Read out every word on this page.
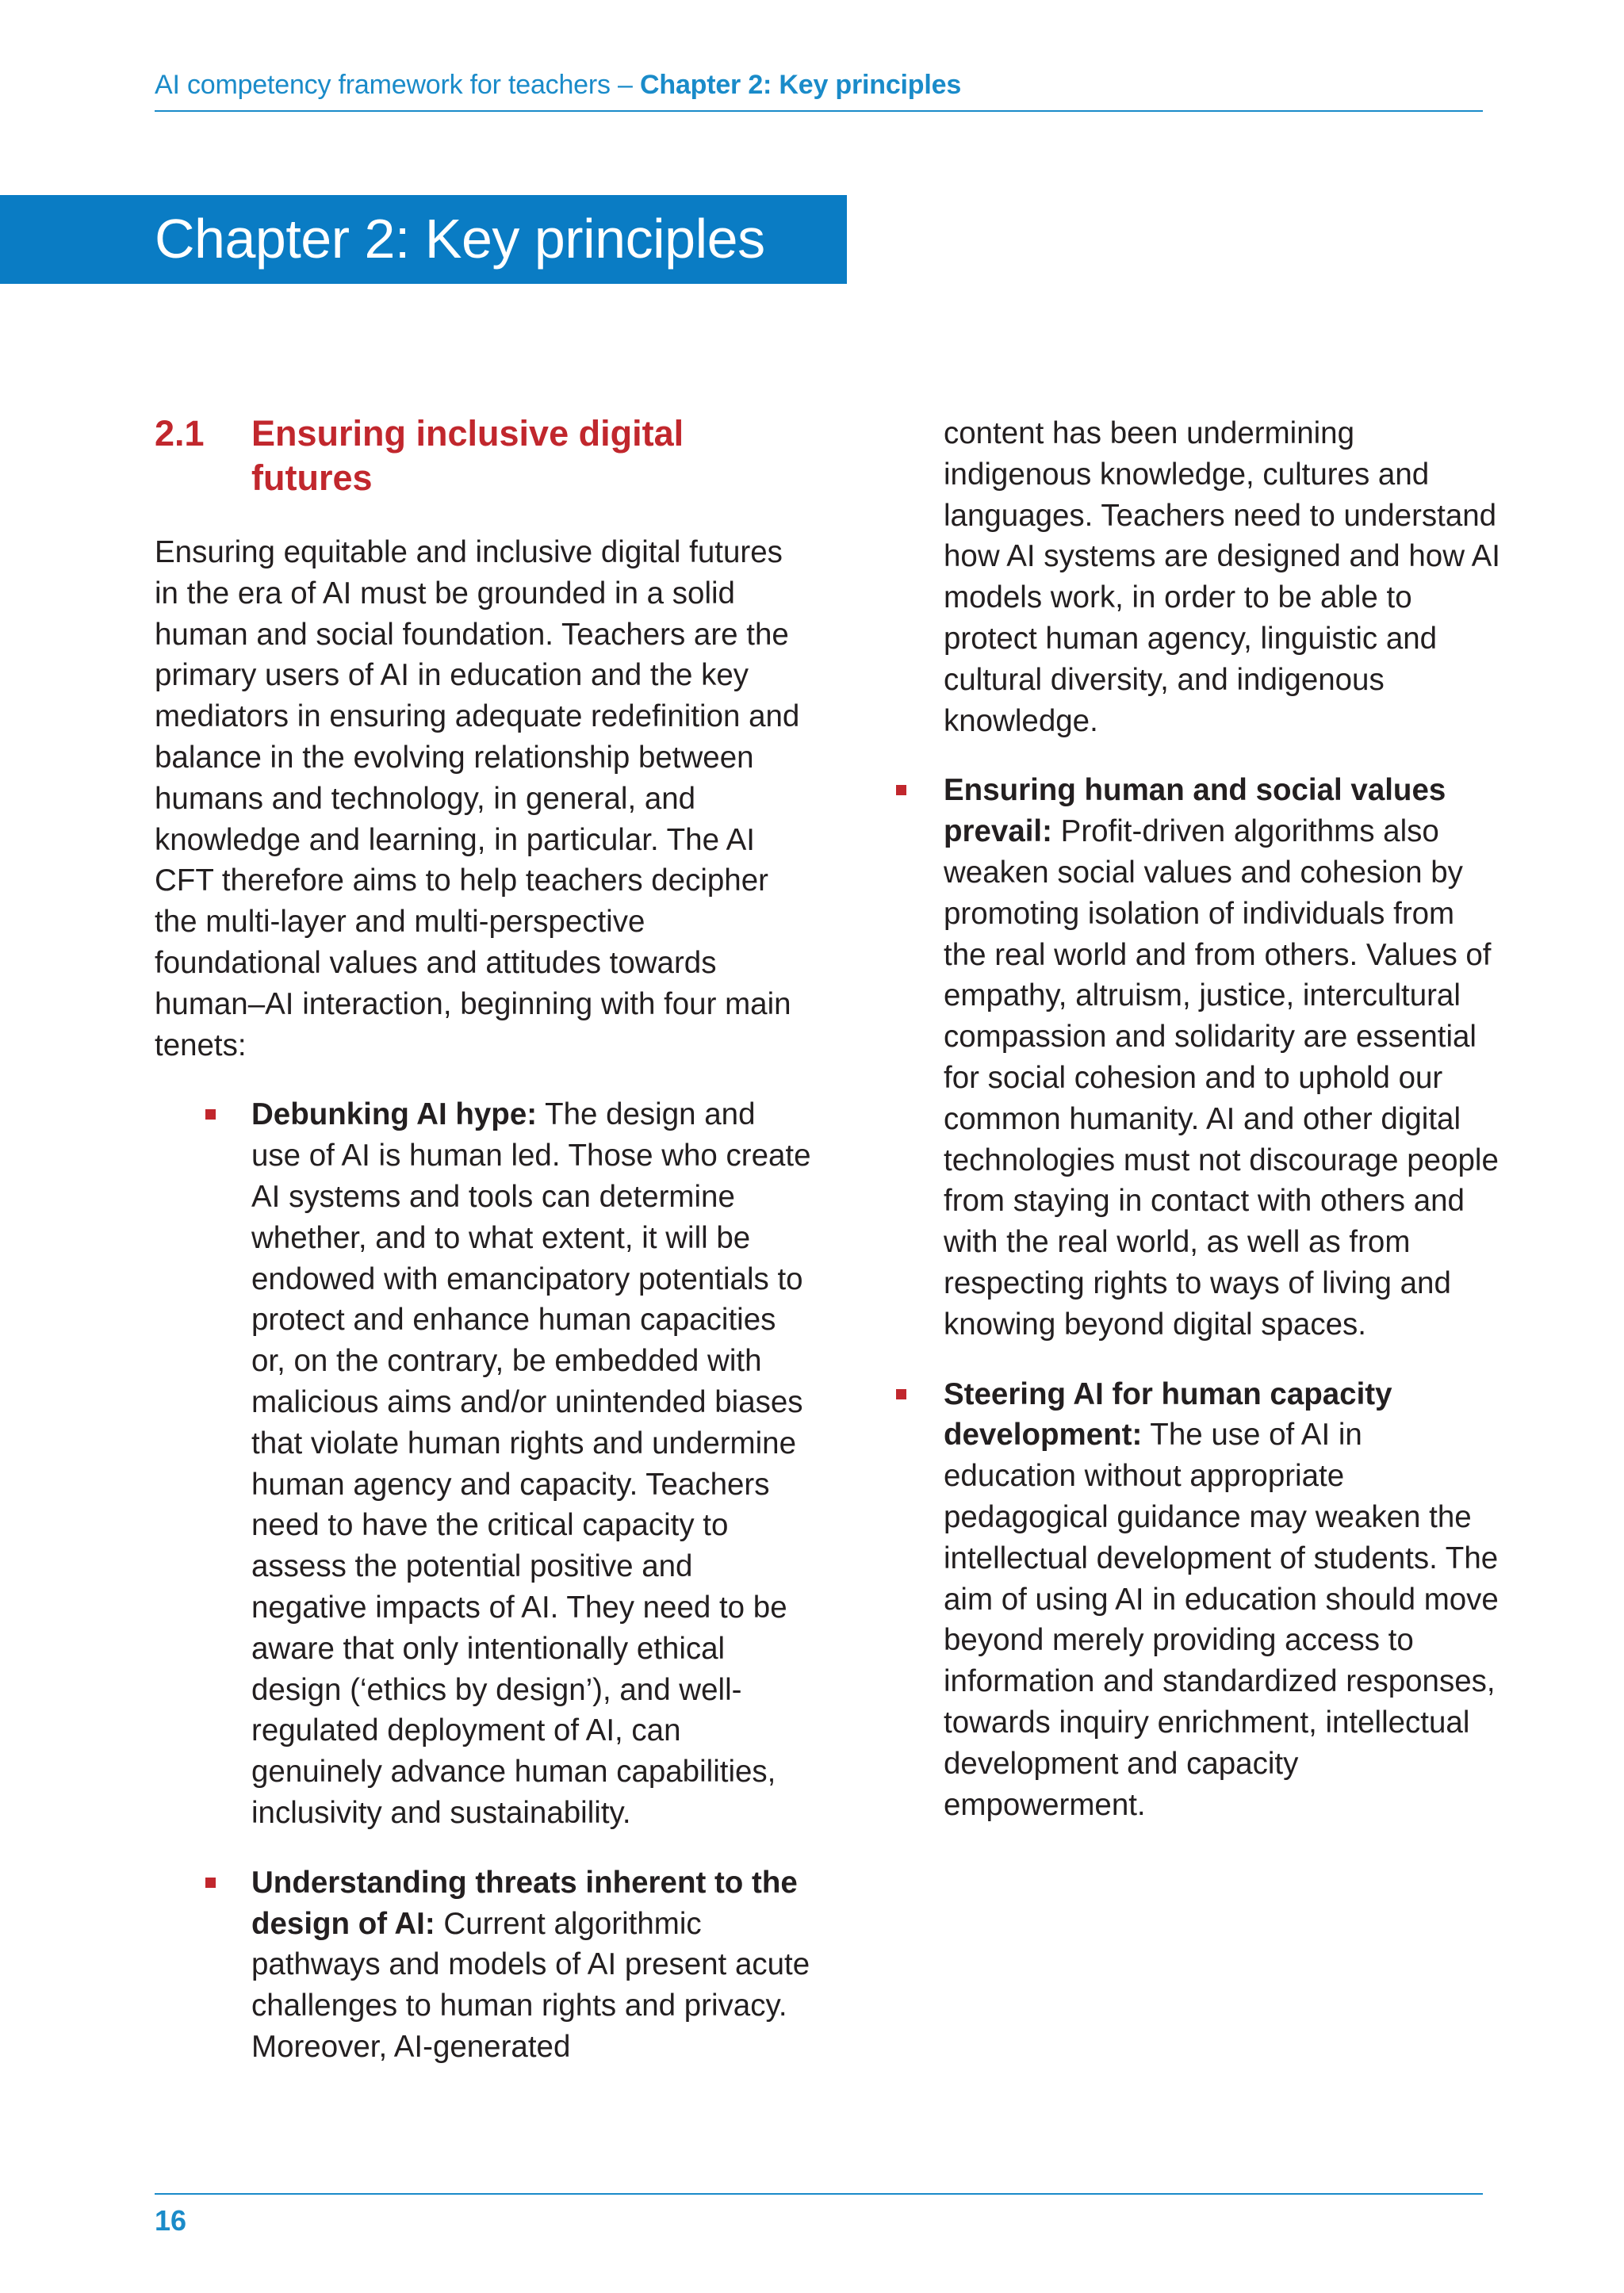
AI competency framework for teachers – Chapter 2: Key principles
Chapter 2: Key principles
2.1	Ensuring inclusive digital futures

Ensuring equitable and inclusive digital futures in the era of AI must be grounded in a solid human and social foundation. Teachers are the primary users of AI in education and the key mediators in ensuring adequate redefinition and balance in the evolving relationship between humans and technology, in general, and knowledge and learning, in particular. The AI CFT therefore aims to help teachers decipher the multi-layer and multi-perspective foundational values and attitudes towards human–AI interaction, beginning with four main tenets:

Debunking AI hype: The design and use of AI is human led. Those who create AI systems and tools can determine whether, and to what extent, it will be endowed with emancipatory potentials to protect and enhance human capacities or, on the contrary, be embedded with malicious aims and/or unintended biases that violate human rights and undermine human agency and capacity. Teachers need to have the critical capacity to assess the potential positive and negative impacts of AI. They need to be aware that only intentionally ethical design (‘ethics by design’), and well-regulated deployment of AI, can genuinely advance human capabilities, inclusivity and sustainability.
Understanding threats inherent to the design of AI: Current algorithmic pathways and models of AI present acute challenges to human rights and privacy. Moreover, AI-generated

content has been undermining indigenous knowledge, cultures and languages. Teachers need to understand how AI systems are designed and how AI models work, in order to be able to protect human agency, linguistic and cultural diversity, and indigenous knowledge.

Ensuring human and social values prevail: Profit-driven algorithms also weaken social values and cohesion by promoting isolation of individuals from the real world and from others. Values of empathy, altruism, justice, intercultural compassion and solidarity are essential for social cohesion and to uphold our common humanity. AI and other digital technologies must not discourage people from staying in contact with others and with the real world, as well as from respecting rights to ways of living and knowing beyond digital spaces.
Steering AI for human capacity development: The use of AI in education without appropriate pedagogical guidance may weaken the intellectual development of students. The aim of using AI in education should move beyond merely providing access to information and standardized responses, towards inquiry enrichment, intellectual development and capacity empowerment.
16
